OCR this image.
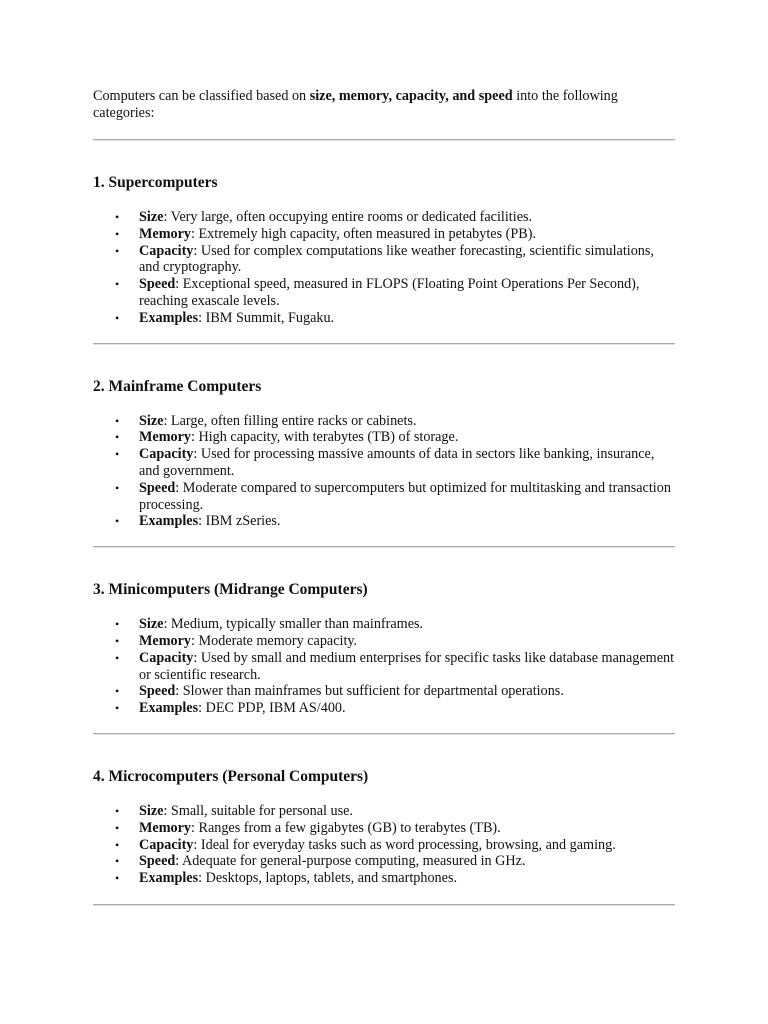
Computers can be classified based on size, memory, capacity, and speed into the following categories:

1. Supercomputers
• Size: Very large, often occupying entire rooms or dedicated facilities.
• Memory: Extremely high capacity, often measured in petabytes (PB).
• Capacity: Used for complex computations like weather forecasting, scientific simulations, and cryptography.
• Speed: Exceptional speed, measured in FLOPS (Floating Point Operations Per Second), reaching exascale levels.
• Examples: IBM Summit, Fugaku.
2. Mainframe Computers
• Size: Large, often filling entire racks or cabinets.
• Memory: High capacity, with terabytes (TB) of storage.
• Capacity: Used for processing massive amounts of data in sectors like banking, insurance, and government.
• Speed: Moderate compared to supercomputers but optimized for multitasking and transaction processing.
• Examples: IBM zSeries.
3. Minicomputers (Midrange Computers)
• Size: Medium, typically smaller than mainframes.
• Memory: Moderate memory capacity.
• Capacity: Used by small and medium enterprises for specific tasks like database management or scientific research.
• Speed: Slower than mainframes but sufficient for departmental operations.
• Examples: DEC PDP, IBM AS/400.
4. Microcomputers (Personal Computers)
• Size: Small, suitable for personal use.
• Memory: Ranges from a few gigabytes (GB) to terabytes (TB).
• Capacity: Ideal for everyday tasks such as word processing, browsing, and gaming.
• Speed: Adequate for general-purpose computing, measured in GHz.
• Examples: Desktops, laptops, tablets, and smartphones.
